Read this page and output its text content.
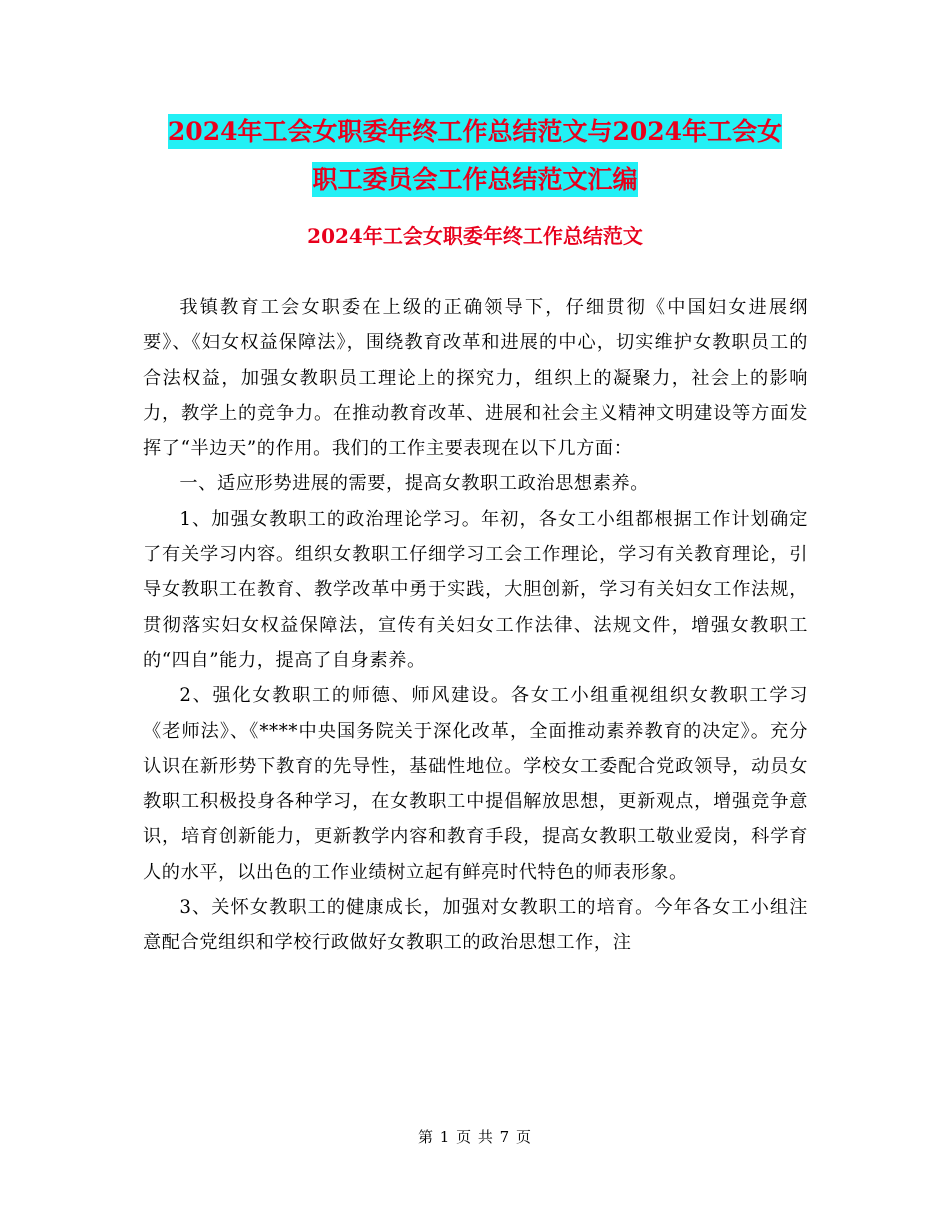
2024年工会女职委年终工作总结范文与2024年工会女
职工委员会工作总结范文汇编
2024年工会女职委年终工作总结范文

我镇教育工会女职委在上级的正确领导下，仔细贯彻《中国妇女进展纲要》、《妇女权益保障法》，围绕教育改革和进展的中心，切实维护女教职员工的合法权益，加强女教职员工理论上的探究力，组织上的凝聚力，社会上的影响力，教学上的竞争力。在推动教育改革、进展和社会主义精神文明建设等方面发挥了“半边天”的作用。我们的工作主要表现在以下几方面：

一、适应形势进展的需要，提高女教职工政治思想素养。

1、加强女教职工的政治理论学习。年初，各女工小组都根据工作计划确定了有关学习内容。组织女教职工仔细学习工会工作理论，学习有关教育理论，引导女教职工在教育、教学改革中勇于实践，大胆创新，学习有关妇女工作法规，贯彻落实妇女权益保障法，宣传有关妇女工作法律、法规文件，增强女教职工的“四自”能力，提高了自身素养。

2、强化女教职工的师德、师风建设。各女工小组重视组织女教职工学习《老师法》、《****中央国务院关于深化改革，全面推动素养教育的决定》。充分认识在新形势下教育的先导性，基础性地位。学校女工委配合党政领导，动员女教职工积极投身各种学习，在女教职工中提倡解放思想，更新观点，增强竞争意识，培育创新能力，更新教学内容和教育手段，提高女教职工敬业爱岗，科学育人的水平，以出色的工作业绩树立起有鲜亮时代特色的师表形象。

3、关怀女教职工的健康成长，加强对女教职工的培育。今年各女工小组注意配合党组织和学校行政做好女教职工的政治思想工作，注

第 1 页 共 7 页
